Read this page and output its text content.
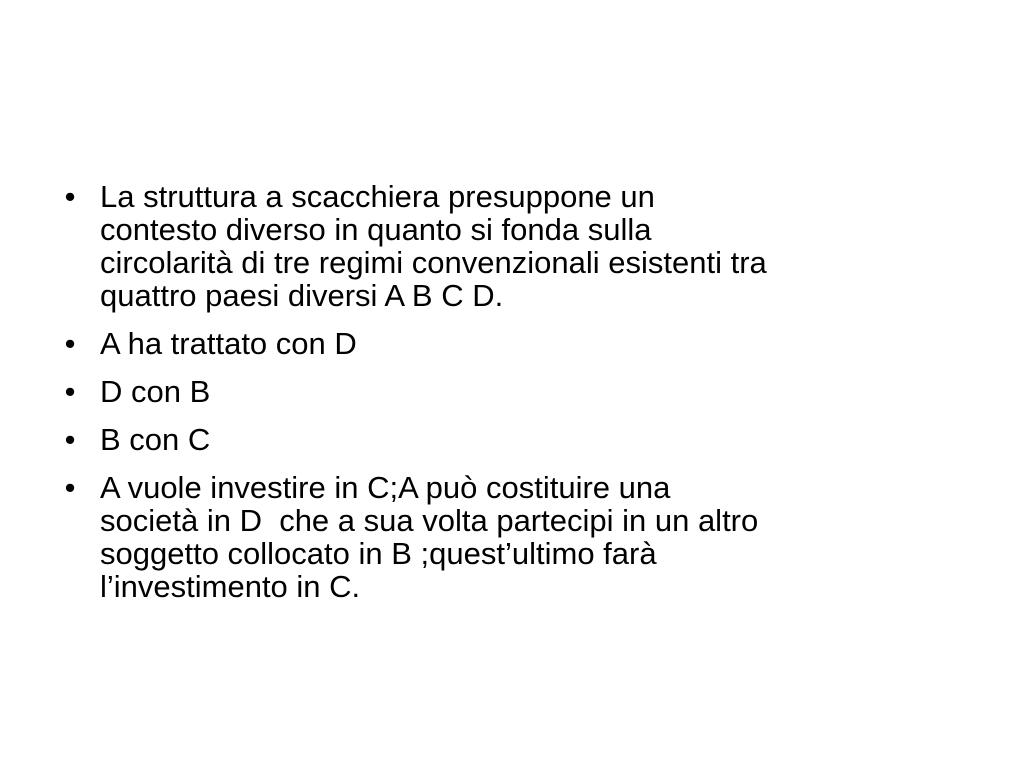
• La struttura a scacchiera presuppone un
contesto diverso in quanto si fonda sulla
circolarità di tre regimi convenzionali esistenti tra
quattro paesi diversi A B C D.
• A ha trattato con D
• D con B
• B con C
• A vuole investire in C;A può costituire una
società in D  che a sua volta partecipi in un altro
soggetto collocato in B ;quest’ultimo farà
l’investimento in C.
